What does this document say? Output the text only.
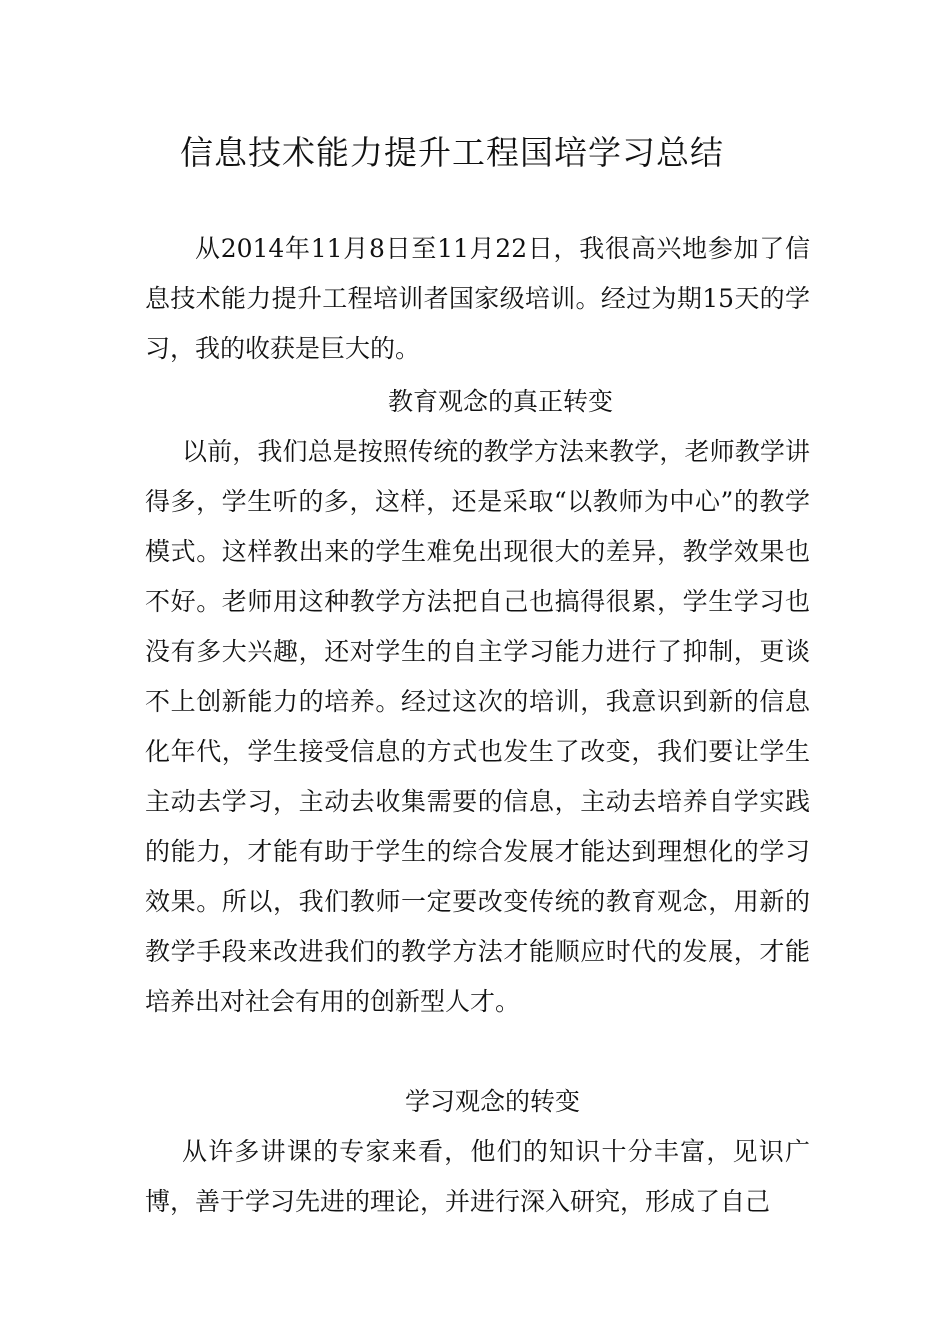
信息技术能力提升工程国培学习总结
从2014年11月8日至11月22日，我很高兴地参加了信息技术能力提升工程培训者国家级培训。经过为期15天的学习，我的收获是巨大的。
教育观念的真正转变
以前，我们总是按照传统的教学方法来教学，老师教学讲得多，学生听的多，这样，还是采取“以教师为中心”的教学模式。这样教出来的学生难免出现很大的差异，教学效果也不好。老师用这种教学方法把自己也搞得很累，学生学习也没有多大兴趣，还对学生的自主学习能力进行了抑制，更谈不上创新能力的培养。经过这次的培训，我意识到新的信息化年代，学生接受信息的方式也发生了改变，我们要让学生主动去学习，主动去收集需要的信息，主动去培养自学实践的能力，才能有助于学生的综合发展才能达到理想化的学习效果。所以，我们教师一定要改变传统的教育观念，用新的教学手段来改进我们的教学方法才能顺应时代的发展，才能培养出对社会有用的创新型人才。
学习观念的转变
从许多讲课的专家来看，他们的知识十分丰富，见识广博，善于学习先进的理论，并进行深入研究，形成了自己
